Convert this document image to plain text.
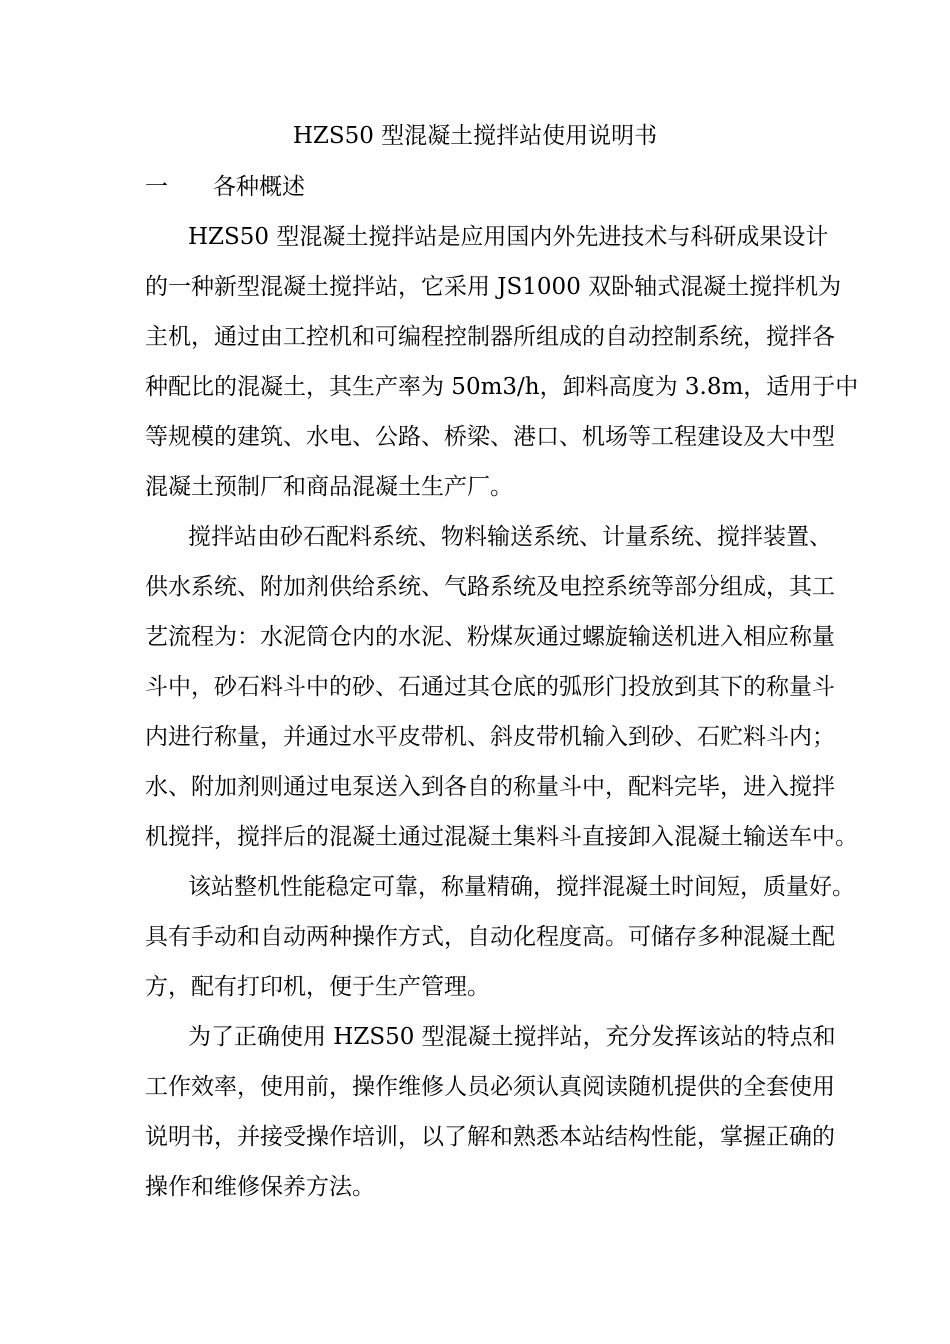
HZS50 型混凝土搅拌站使用说明书
一 各种概述

HZS50 型混凝土搅拌站是应用国内外先进技术与科研成果设计

的一种新型混凝土搅拌站，它采用 JS1000 双卧轴式混凝土搅拌机为

主机，通过由工控机和可编程控制器所组成的自动控制系统，搅拌各

种配比的混凝土，其生产率为 50m3/h，卸料高度为 3.8m，适用于中

等规模的建筑、水电、公路、桥梁、港口、机场等工程建设及大中型

混凝土预制厂和商品混凝土生产厂。

搅拌站由砂石配料系统、物料输送系统、计量系统、搅拌装置、

供水系统、附加剂供给系统、气路系统及电控系统等部分组成，其工

艺流程为：水泥筒仓内的水泥、粉煤灰通过螺旋输送机进入相应称量

斗中，砂石料斗中的砂、石通过其仓底的弧形门投放到其下的称量斗

内进行称量，并通过水平皮带机、斜皮带机输入到砂、石贮料斗内；

水、附加剂则通过电泵送入到各自的称量斗中，配料完毕，进入搅拌

机搅拌，搅拌后的混凝土通过混凝土集料斗直接卸入混凝土输送车中。

该站整机性能稳定可靠，称量精确，搅拌混凝土时间短，质量好。

具有手动和自动两种操作方式，自动化程度高。可储存多种混凝土配

方，配有打印机，便于生产管理。

为了正确使用 HZS50 型混凝土搅拌站，充分发挥该站的特点和

工作效率，使用前，操作维修人员必须认真阅读随机提供的全套使用

说明书，并接受操作培训，以了解和熟悉本站结构性能，掌握正确的

操作和维修保养方法。
